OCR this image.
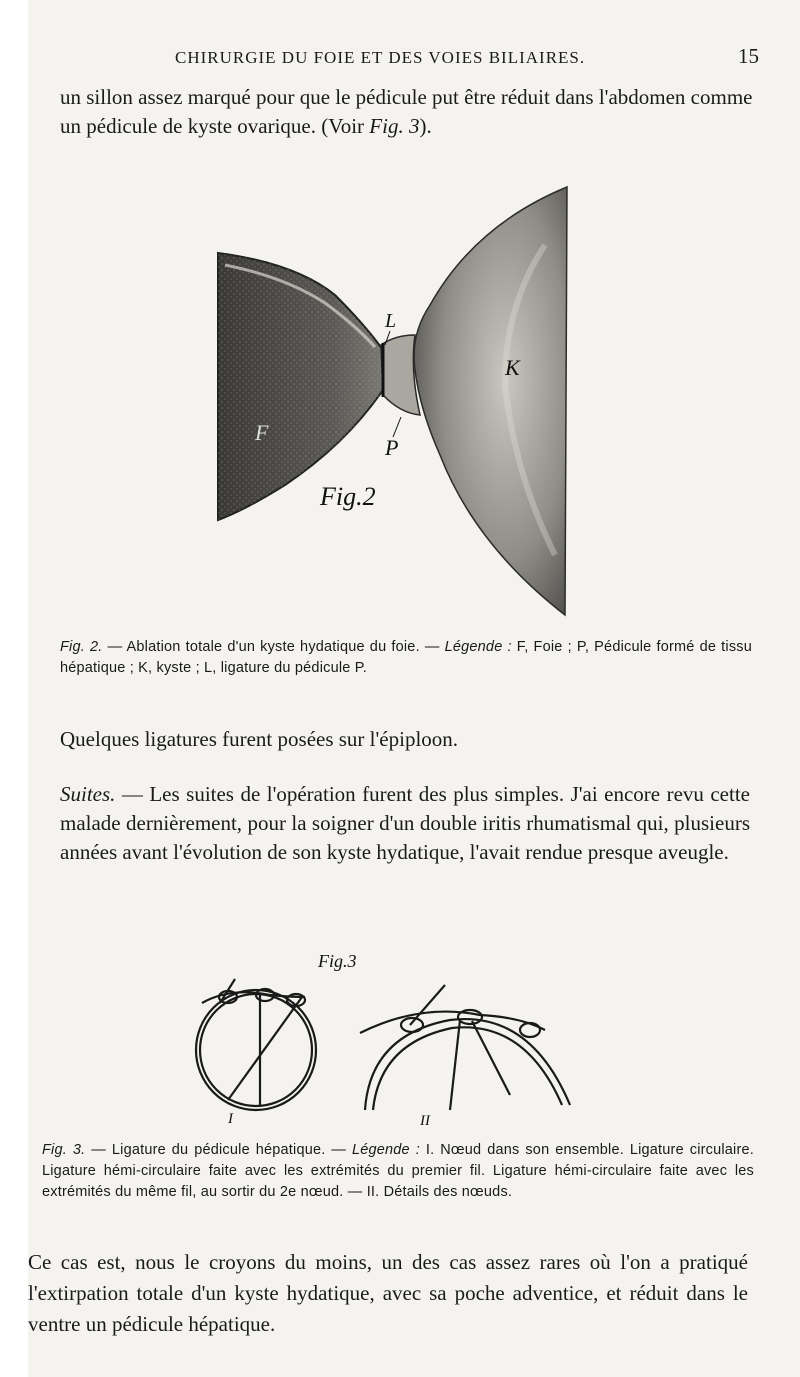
CHIRURGIE DU FOIE ET DES VOIES BILIAIRES.	15

un sillon assez marqué pour que le pédicule put être réduit dans l'abdomen comme un pédicule de kyste ovarique. (Voir Fig. 3).

L
P
K
F
Fig.2

Fig. 2. — Ablation totale d'un kyste hydatique du foie. — Légende : F, Foie ; P, Pédicule formé de tissu hépatique ; K, kyste ; L, ligature du pédicule P.

Quelques ligatures furent posées sur l'épiploon.

Suites. — Les suites de l'opération furent des plus simples. J'ai encore revu cette malade dernièrement, pour la soigner d'un double iritis rhumatismal qui, plusieurs années avant l'évolution de son kyste hydatique, l'avait rendue presque aveugle.

Fig.3
I	II

Fig. 3. — Ligature du pédicule hépatique. — Légende : I. Nœud dans son ensemble. Ligature circulaire. Ligature hémi-circulaire faite avec les extrémités du premier fil. Ligature hémi-circulaire faite avec les extrémités du même fil, au sortir du 2e nœud. — II. Détails des nœuds.

Ce cas est, nous le croyons du moins, un des cas assez rares où l'on a pratiqué l'extirpation totale d'un kyste hydatique, avec sa poche adventice, et réduit dans le ventre un pédicule hépatique.
